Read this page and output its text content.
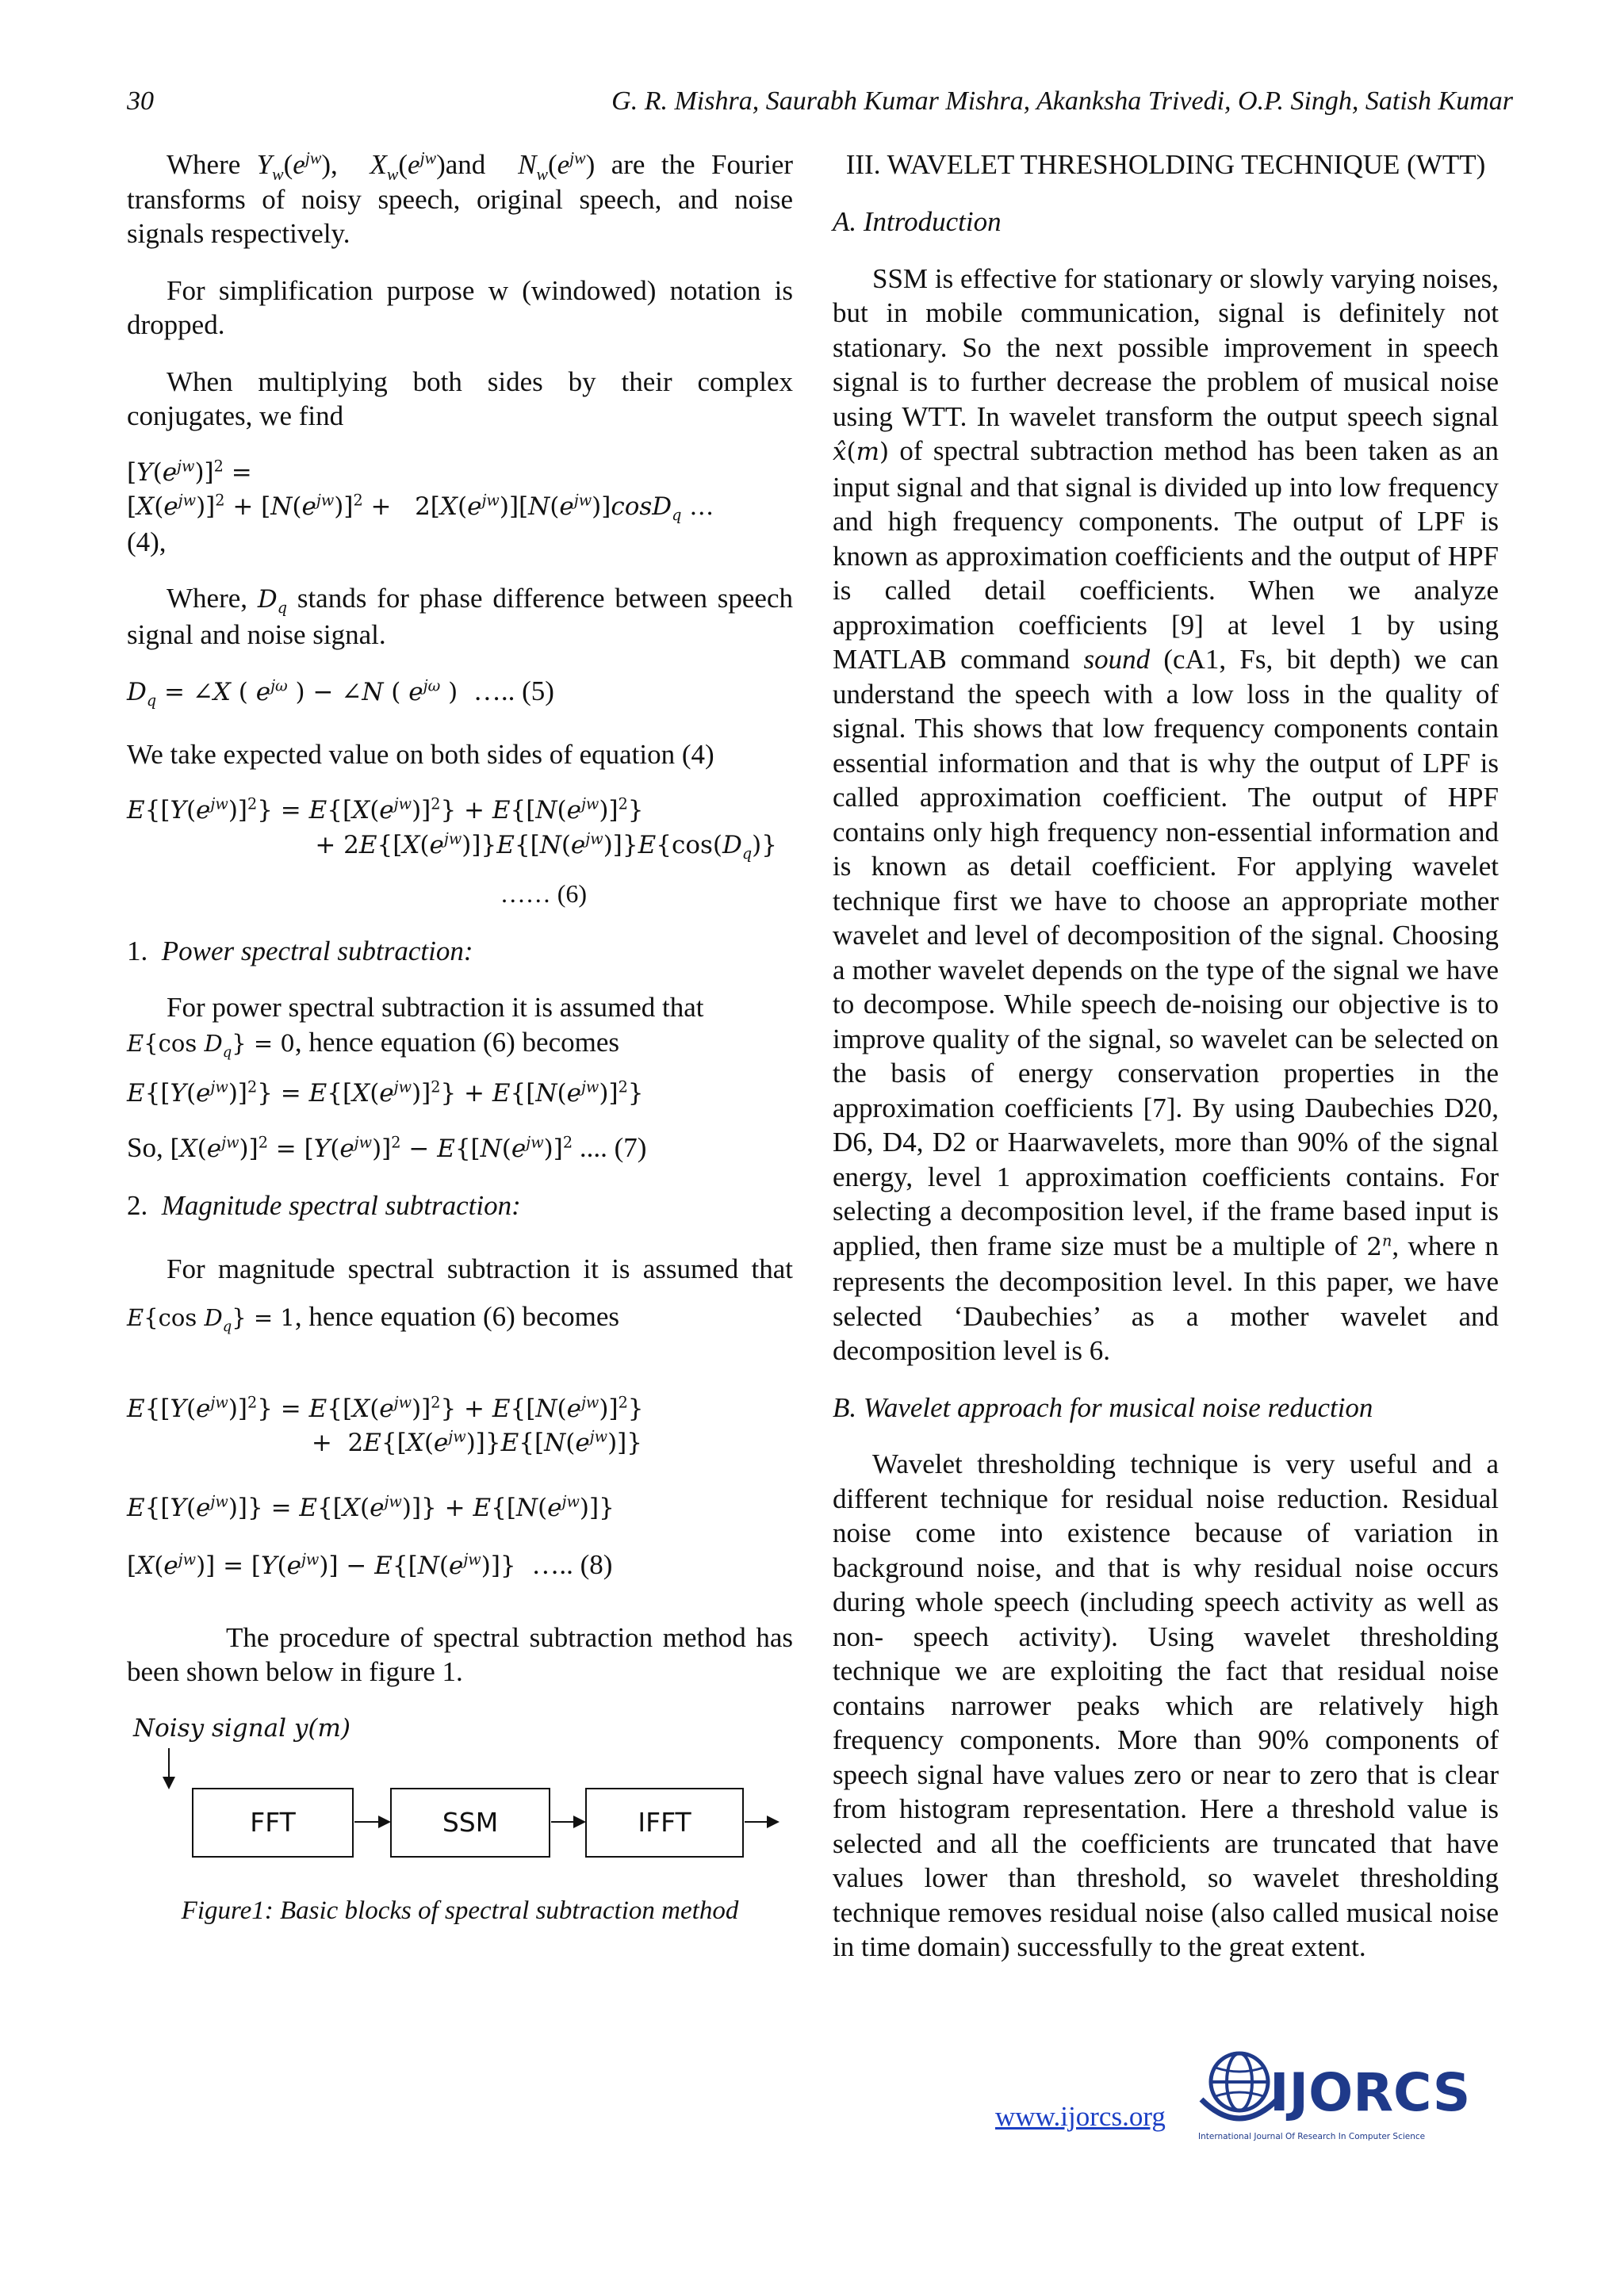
30	G. R. Mishra, Saurabh Kumar Mishra, Akanksha Trivedi, O.P. Singh, Satish Kumar

Where $Y_w(e^{jw})$,  $X_w(e^{jw})and$ $N_w(e^{jw})$ are the Fourier transforms of noisy speech, original speech, and noise signals respectively.

For simplification purpose w (windowed) notation is dropped.

When multiplying both sides by their complex conjugates, we find

$[Y(e^{jw})]^2$ =
$[X(e^{jw})]^2 + [N(e^{jw})]^2 + 2[X(e^{jw})][N(e^{jw})]\cos D_q$ …

(4),

Where, $D_q$ stands for phase difference between speech signal and noise signal.

$D_q$ = ∠X ( $e^{j\omega}$ ) − ∠N ( $e^{j\omega}$ )  ….. (5)

We take expected value on both sides of equation (4)

$E\{[Y(e^{jw})]^2\} = E\{[X(e^{jw})]^2\} + E\{[N(e^{jw})]^2\}$
+ $2E\{[X(e^{jw})]\}E\{[N(e^{jw})]\}E\{\cos(D_q)\}$

…… (6)

1. Power spectral subtraction:

For power spectral subtraction it is assumed that
E{cos $D_q\} = 0$, hence equation (6) becomes

$E\{[Y(e^{jw})]^2\} = E\{[X(e^{jw})]^2\} + E\{[N(e^{jw})]^2\}$

So, $[X(e^{jw})]^2 = [Y(e^{jw})]^2 - E\{[N(e^{jw})]^2$ .... (7)

2. Magnitude spectral subtraction:

For magnitude spectral subtraction it is assumed that E{cos $D_q\} = 1$, hence equation (6) becomes

$E\{[Y(e^{jw})]^2\} = E\{[X(e^{jw})]^2\} + E\{[N(e^{jw})]^2\}$
+  $2E\{[X(e^{jw})]\}E\{[N(e^{jw})]\}$
$E\{[Y(e^{jw})]\} = E\{[X(e^{jw})]\} + E\{[N(e^{jw})]\}$
$[X(e^{jw})] = [Y(e^{jw})] - E\{[N(e^{jw})]\}$  ….. (8)

The procedure of spectral subtraction method has been shown below in figure 1.

Noisy signal y(m)
FFT	SSM	IFFT
Figure1: Basic blocks of spectral subtraction method

III. WAVELET THRESHOLDING TECHNIQUE (WTT)

A. Introduction

SSM is effective for stationary or slowly varying noises, but in mobile communication, signal is definitely not stationary. So the next possible improvement in speech signal is to further decrease the problem of musical noise using WTT. In wavelet transform the output speech signal x̂(m) of spectral subtraction method has been taken as an input signal and that signal is divided up into low frequency and high frequency components. The output of LPF is known as approximation coefficients and the output of HPF is called detail coefficients. When we analyze approximation coefficients [9] at level 1 by using MATLAB command sound (cA1, Fs, bit depth) we can understand the speech with a low loss in the quality of signal. This shows that low frequency components contain essential information and that is why the output of LPF is called approximation coefficient. The output of HPF contains only high frequency non-essential information and is known as detail coefficient. For applying wavelet technique first we have to choose an appropriate mother wavelet and level of decomposition of the signal. Choosing a mother wavelet depends on the type of the signal we have to decompose. While speech de-noising our objective is to improve quality of the signal, so wavelet can be selected on the basis of energy conservation properties in the approximation coefficients [7]. By using Daubechies D20, D6, D4, D2 or Haarwavelets, more than 90% of the signal energy, level 1 approximation coefficients contains. For selecting a decomposition level, if the frame based input is applied, then frame size must be a multiple of 2$^n$, where n represents the decomposition level. In this paper, we have selected ‘Daubechies’ as a mother wavelet and decomposition level is 6.

B. Wavelet approach for musical noise reduction

Wavelet thresholding technique is very useful and a different technique for residual noise reduction. Residual noise come into existence because of variation in background noise, and that is why residual noise occurs during whole speech (including speech activity as well as non- speech activity). Using wavelet thresholding technique we are exploiting the fact that residual noise contains narrower peaks which are relatively high frequency components. More than 90% components of speech signal have values zero or near to zero that is clear from histogram representation. Here a threshold value is selected and all the coefficients are truncated that have values lower than threshold, so wavelet thresholding technique removes residual noise (also called musical noise in time domain) successfully to the great extent.

www.ijorcs.org IJORCS
International Journal Of Research In Computer Science
